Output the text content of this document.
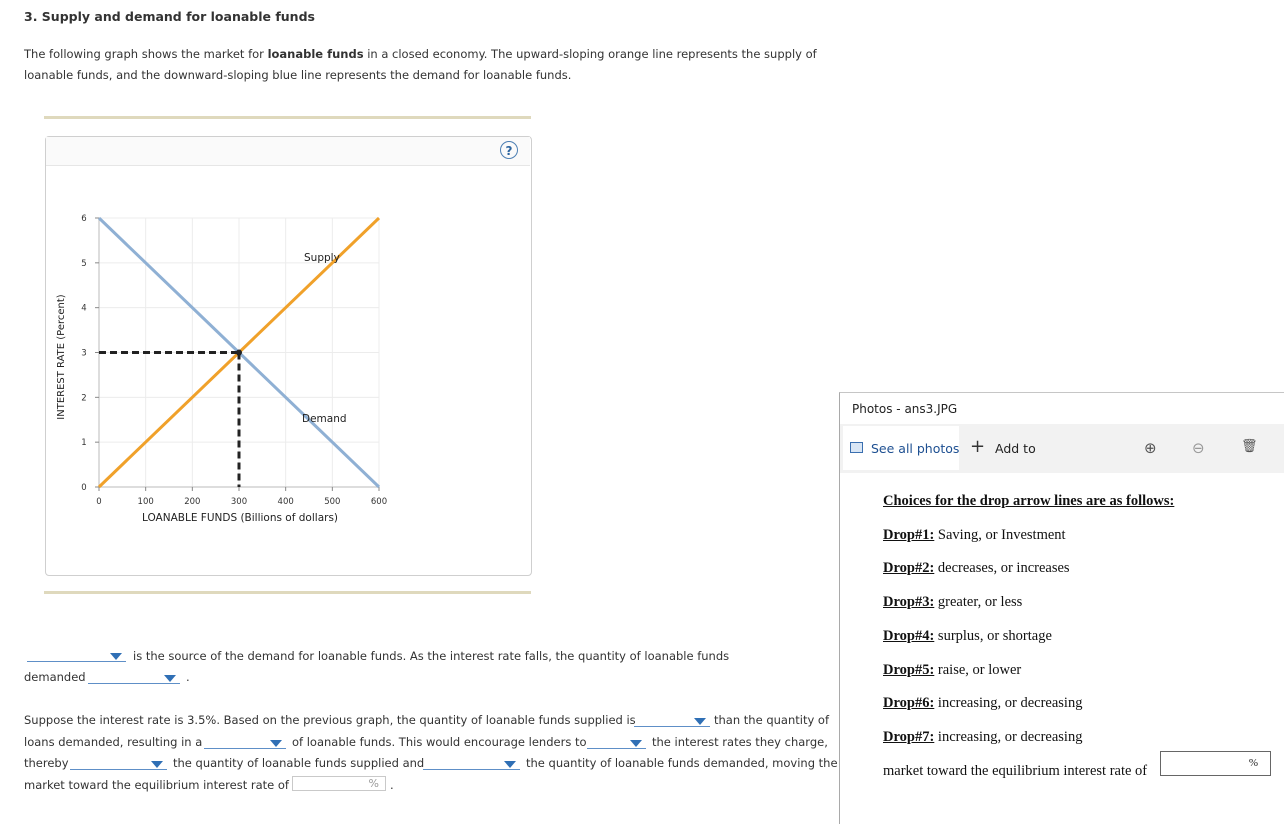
3. Supply and demand for loanable funds
The following graph shows the market for loanable funds in a closed economy. The upward-sloping orange line represents the supply of loanable funds, and the downward-sloping blue line represents the demand for loanable funds.
?
0	100	200	300	400	500	600
0
1
2
3
4
5
6
LOANABLE FUNDS (Billions of dollars)
INTEREST RATE (Percent)
Supply
Demand
is the source of the demand for loanable funds. As the interest rate falls, the quantity of loanable funds
demanded	.
Suppose the interest rate is 3.5%. Based on the previous graph, the quantity of loanable funds supplied is	than the quantity of
loans demanded, resulting in a	of loanable funds. This would encourage lenders to	the interest rates they charge,
thereby	the quantity of loanable funds supplied and	the quantity of loanable funds demanded, moving the
market toward the equilibrium interest rate of	% .
Photos - ans3.JPG
See all photos + Add to	⊕ ⊖	🗑
Choices for the drop arrow lines are as follows:
Drop#1: Saving, or Investment
Drop#2: decreases, or increases
Drop#3: greater, or less
Drop#4: surplus, or shortage
Drop#5: raise, or lower
Drop#6: increasing, or decreasing
Drop#7: increasing, or decreasing
market toward the equilibrium interest rate of	%
